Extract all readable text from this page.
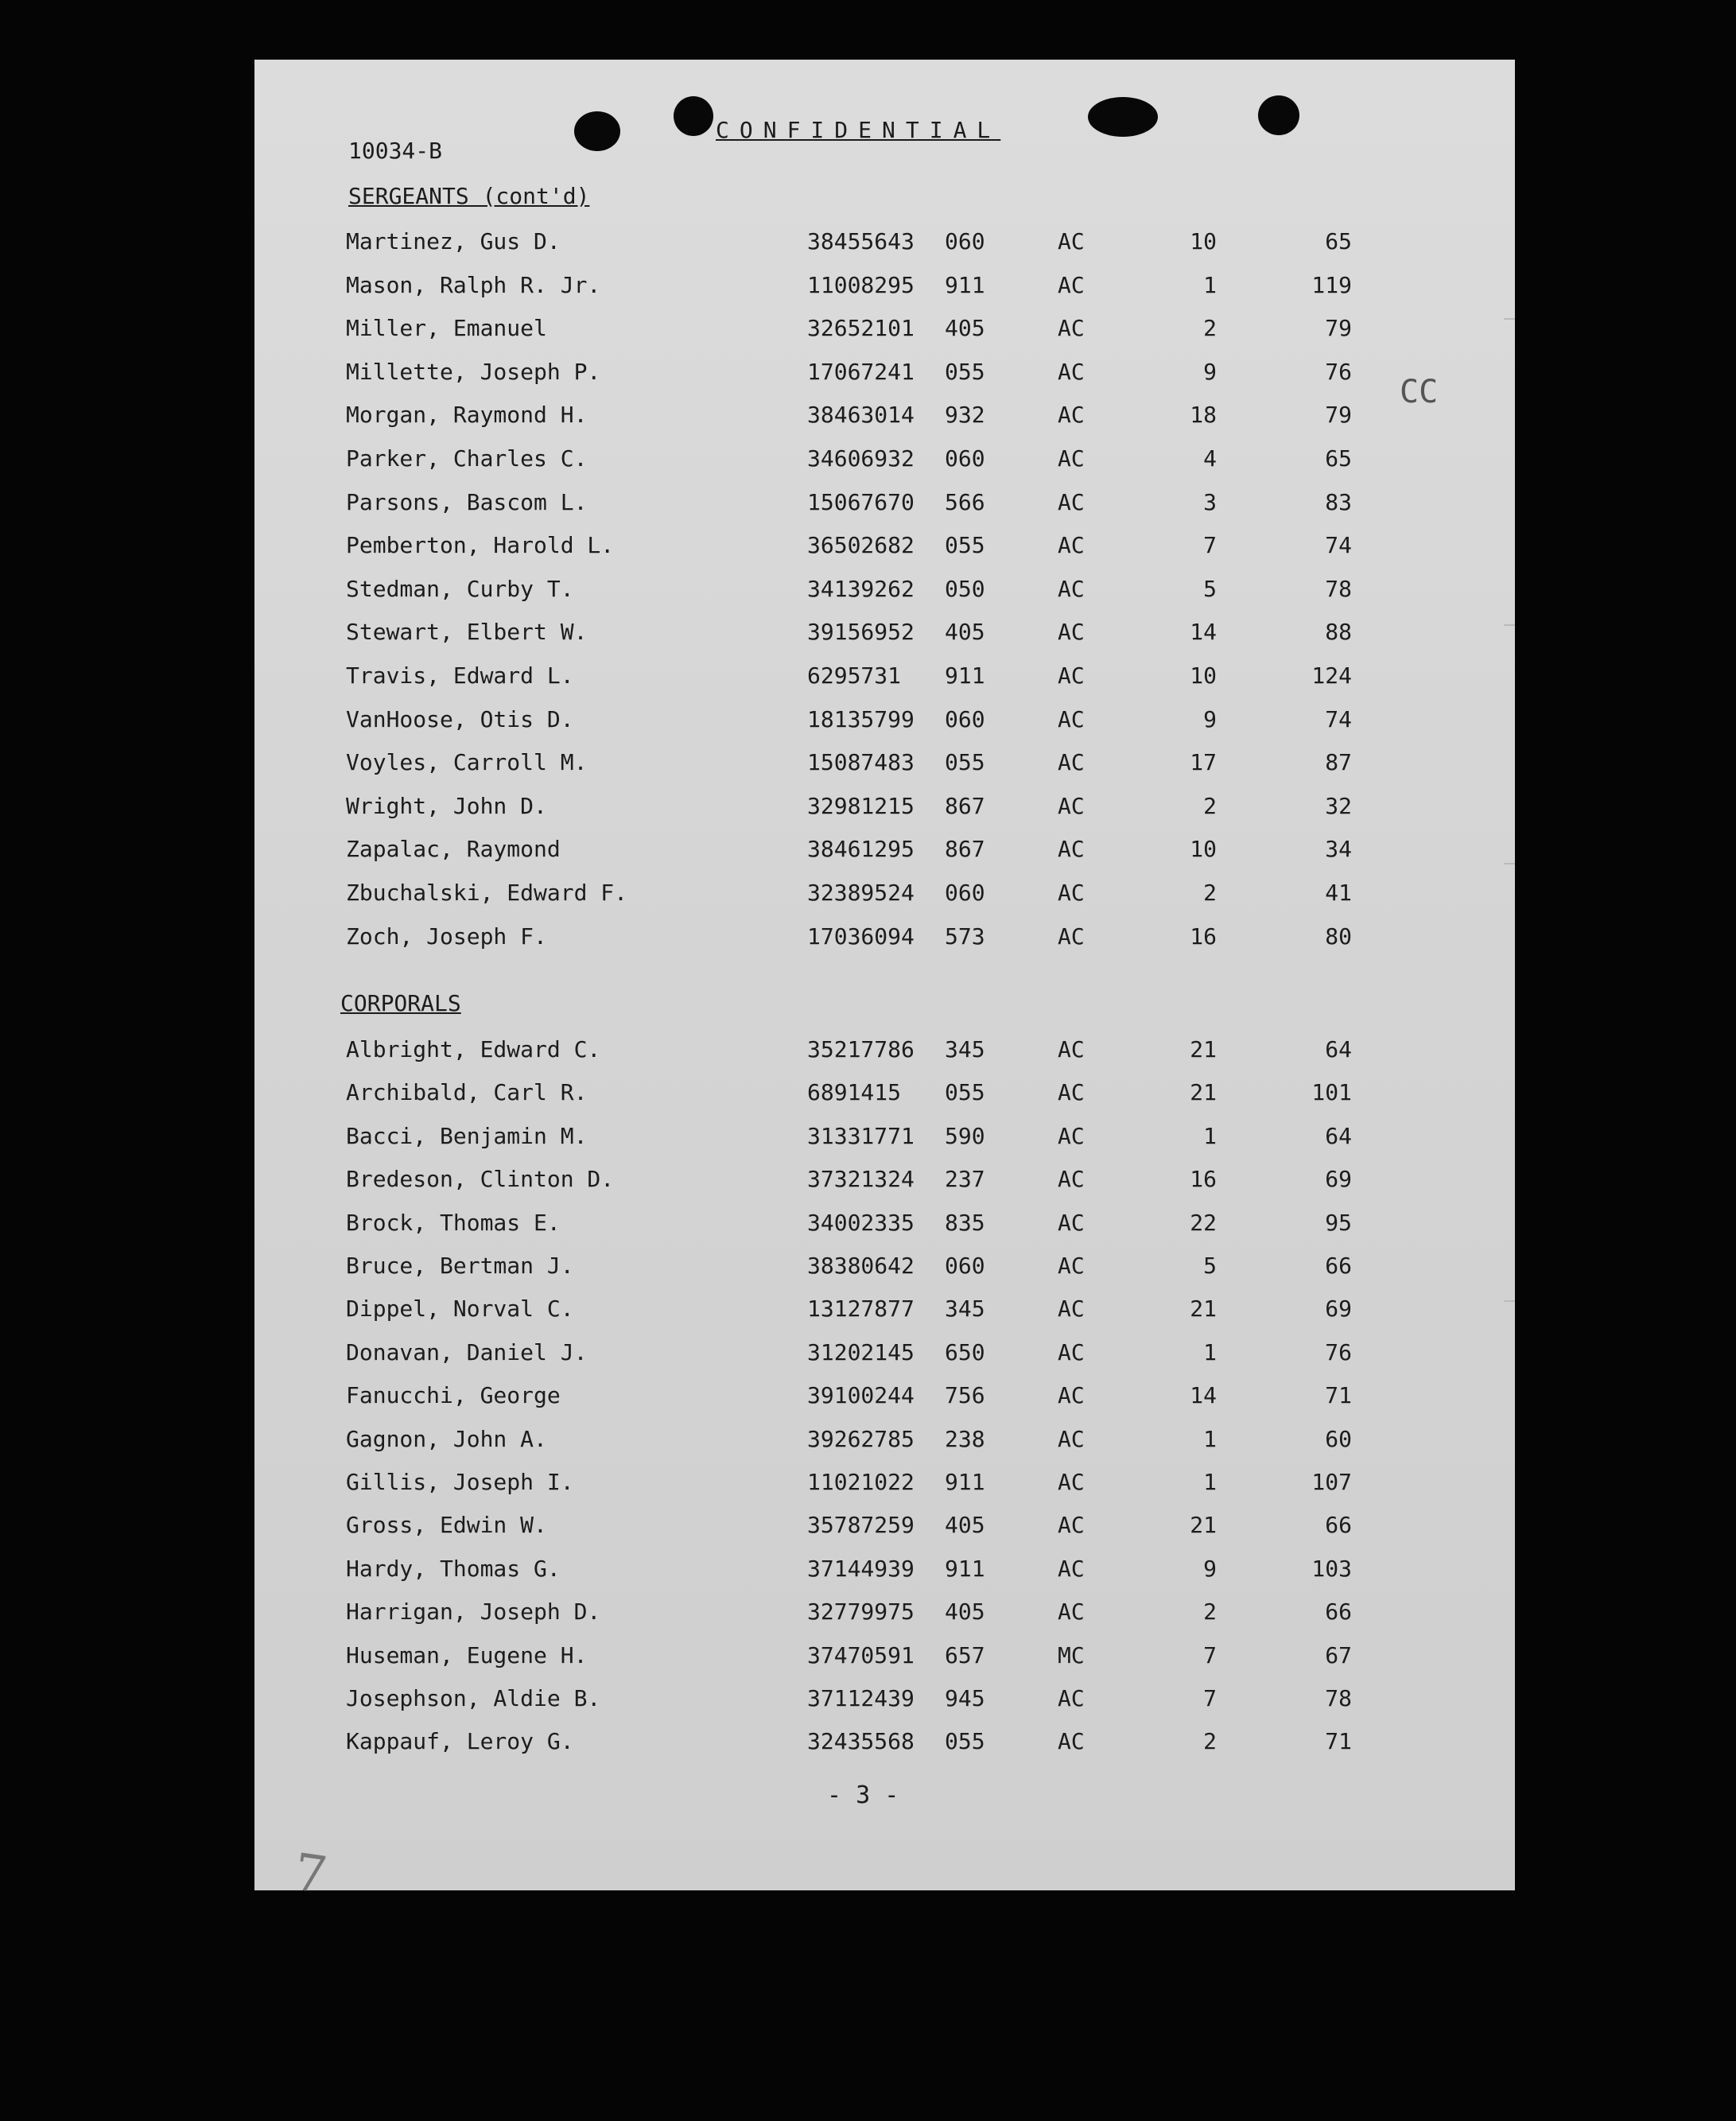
10034-B
CONFIDENTIAL
SERGEANTS (cont'd)
Martinez, Gus D.	38455643 060	AC	10	65
Mason, Ralph R. Jr.	11008295 911	AC	1	119
Miller, Emanuel	32652101 405	AC	2	79
Millette, Joseph P.	17067241 055	AC	9	76
Morgan, Raymond H.	38463014 932	AC	18	79
Parker, Charles C.	34606932 060	AC	4	65
Parsons, Bascom L.	15067670 566	AC	3	83
Pemberton, Harold L.	36502682 055	AC	7	74
Stedman, Curby T.	34139262 050	AC	5	78
Stewart, Elbert W.	39156952 405	AC	14	88
Travis, Edward L.	6295731 911	AC	10	124
VanHoose, Otis D.	18135799 060	AC	9	74
Voyles, Carroll M.	15087483 055	AC	17	87
Wright, John D.	32981215 867	AC	2	32
Zapalac, Raymond	38461295 867	AC	10	34
Zbuchalski, Edward F.	32389524 060	AC	2	41
Zoch, Joseph F.	17036094 573	AC	16	80
CORPORALS
Albright, Edward C.	35217786 345	AC	21	64
Archibald, Carl R.	6891415 055	AC	21	101
Bacci, Benjamin M.	31331771 590	AC	1	64
Bredeson, Clinton D.	37321324 237	AC	16	69
Brock, Thomas E.	34002335 835	AC	22	95
Bruce, Bertman J.	38380642 060	AC	5	66
Dippel, Norval C.	13127877 345	AC	21	69
Donavan, Daniel J.	31202145 650	AC	1	76
Fanucchi, George	39100244 756	AC	14	71
Gagnon, John A.	39262785 238	AC	1	60
Gillis, Joseph I.	11021022 911	AC	1	107
Gross, Edwin W.	35787259 405	AC	21	66
Hardy, Thomas G.	37144939 911	AC	9	103
Harrigan, Joseph D.	32779975 405	AC	2	66
Huseman, Eugene H.	37470591 657	MC	7	67
Josephson, Aldie B.	37112439 945	AC	7	78
Kappauf, Leroy G.	32435568 055	AC	2	71
CC
- 3 -
7
